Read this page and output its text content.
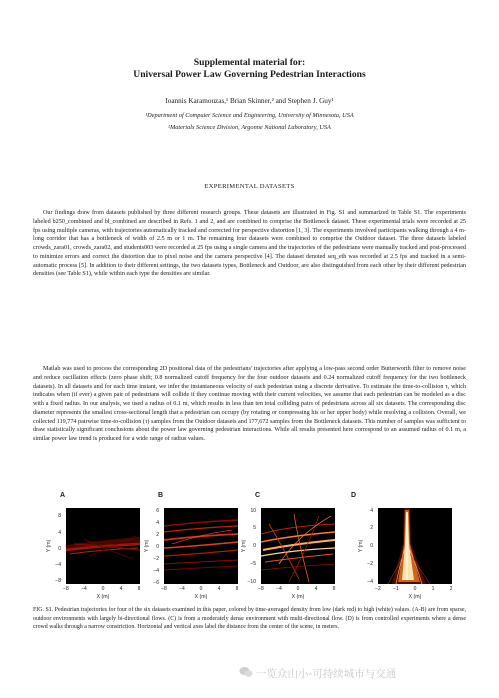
Supplemental material for:
Universal Power Law Governing Pedestrian Interactions
Ioannis Karamouzas,¹ Brian Skinner,² and Stephen J. Guy¹
¹Department of Computer Science and Engineering, University of Minnesota, USA
²Materials Science Division, Argonne National Laboratory, USA
EXPERIMENTAL DATASETS

Our findings draw from datasets published by three different research groups. These datasets are illustrated in Fig. S1 and summarized in Table S1. The experiments labeled b250_combined and bl_combined are described in Refs. 1 and 2, and are combined to comprise the Bottleneck dataset. These experimental trials were recorded at 25 fps using multiple cameras, with trajectories automatically tracked and corrected for perspective distortion [1, 3]. The experiments involved participants walking through a 4 m-long corridor that has a bottleneck of width of 2.5 m or 1 m. The remaining four datasets were combined to comprise the Outdoor dataset. The three datasets labeled crowds_zara01, crowds_zara02, and students003 were recorded at 25 fps using a single camera and the trajectories of the pedestrians were manually tracked and post-processed to minimize errors and correct the distortion due to pixel noise and the camera perspective [4]. The dataset denoted seq_eth was recorded at 2.5 fps and tracked in a semi-automatic process [5]. In addition to their different settings, the two datasets types, Bottleneck and Outdoor, are also distinguished from each other by their different pedestrian densities (see Table S1), while within each type the densities are similar.

Matlab was used to process the corresponding 2D positional data of the pedestrians' trajectories after applying a low-pass second order Butterworth filter to remove noise and reduce oscillation effects (zero phase shift; 0.8 normalized cutoff frequency for the four outdoor datasets and 0.24 normalized cutoff frequency for the two bottleneck datasets). In all datasets and for each time instant, we infer the instantaneous velocity of each pedestrian using a discrete derivative. To estimate the time-to-collision τ, which indicates when (if ever) a given pair of pedestrians will collide if they continue moving with their current velocities, we assume that each pedestrian can be modeled as a disc with a fixed radius. In our analysis, we used a radius of 0.1 m, which results in less than ten total colliding pairs of pedestrians across all six datasets. The corresponding disc diameter represents the smallest cross-sectional length that a pedestrian can occupy (by rotating or compressing his or her upper body) while resolving a collision. Overall, we collected 119,774 pairwise time-to-collision (τ) samples from the Outdoor datasets and 177,672 samples from the Bottleneck datasets. This number of samples was sufficient to draw statistically significant conclusions about the power law governing pedestrian interactions. While all results presented here correspond to an assumed radius of 0.1 m, a similar power law trend is produced for a wide range of radius values.

A	B	C	D
8
4
0
−4
−8
−8 −4	0	4	8
X (m)
Y (m)
6
4
2
0
−2
−4
−6
−8 −4	0	4	8
X (m)
Y (m)
10
5
0
−5
−10
−8 −4	0	4	8
X (m)
Y (m)
4
2
0
−2
−4
−2 −1	0	1	2
X (m)
Y (m)

FIG. S1. Pedestrian trajectories for four of the six datasets examined in this paper, colored by time-averaged density from low (dark red) to high (white) values. (A-B) are from sparse, outdoor environments with largely bi-directional flows. (C) is from a moderately dense environment with multi-directional flow. (D) is from controlled experiments where a dense crowd walks through a narrow constriction. Horizontal and vertical axes label the distance from the center of the scene, in meters.

一览众山小-可持续城市与交通
